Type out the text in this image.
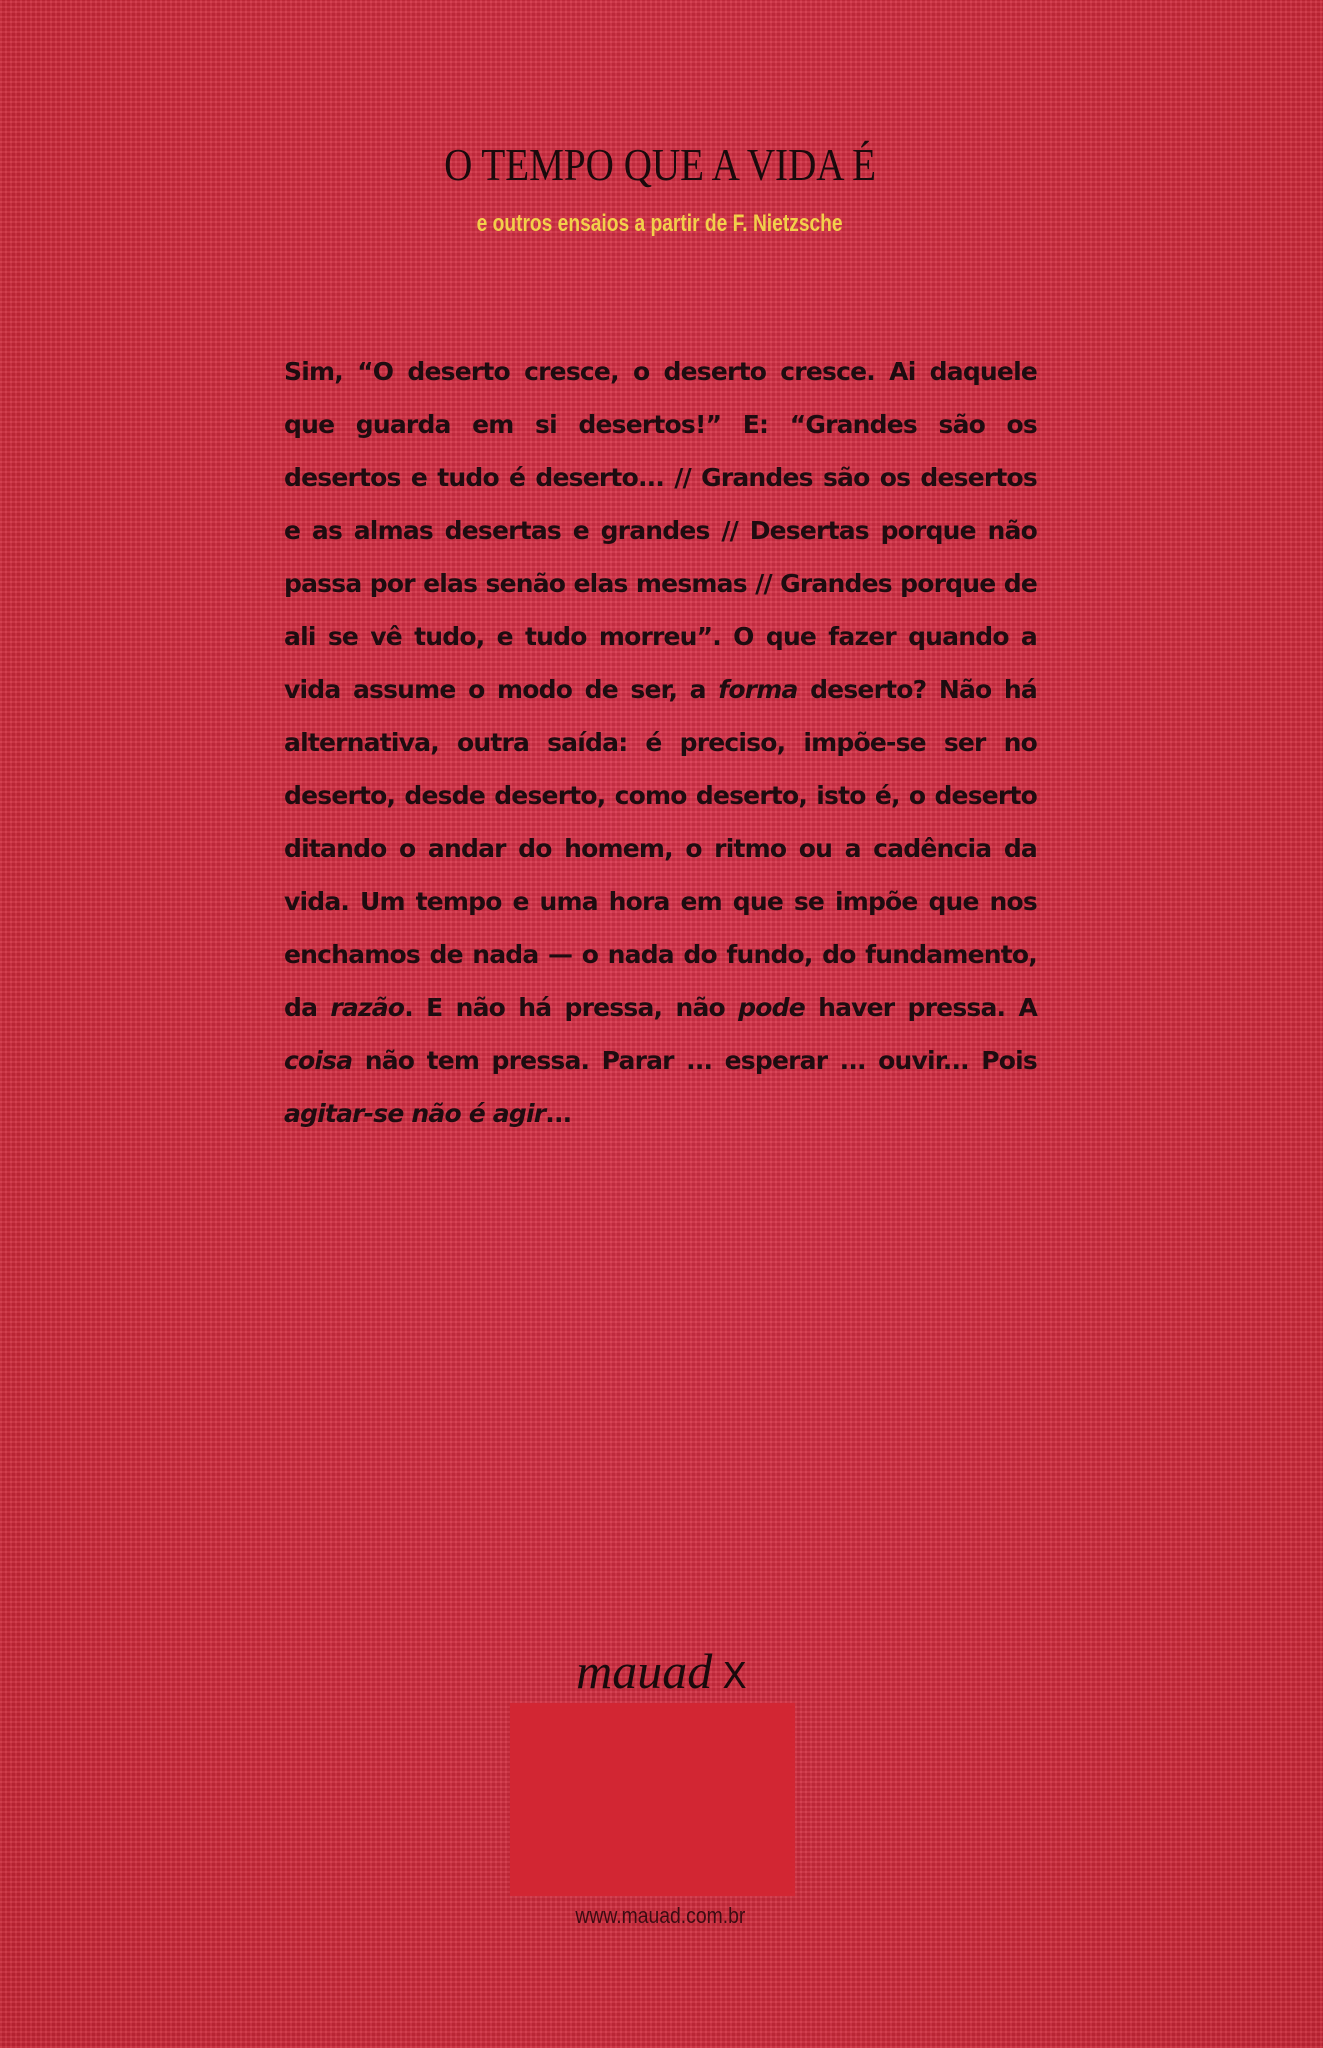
O TEMPO QUE A VIDA É
e outros ensaios a partir de F. Nietzsche

Sim, “O deserto cresce, o deserto cresce. Ai daquele que guarda em si desertos!” E: “Grandes são os desertos e tudo é deserto... // Grandes são os desertos e as almas desertas e grandes // Desertas porque não passa por elas senão elas mesmas // Grandes porque de ali se vê tudo, e tudo morreu”. O que fazer quando a vida assume o modo de ser, a forma deserto? Não há alternativa, outra saída: é preciso, impõe-se ser no deserto, desde deserto, como deserto, isto é, o deserto ditando o andar do homem, o ritmo ou a cadência da vida. Um tempo e uma hora em que se impõe que nos enchamos de nada — o nada do fundo, do fundamento, da razão. E não há pressa, não pode haver pressa. A coisa não tem pressa. Parar ... esperar ... ouvir... Pois agitar-se não é agir...

mauad X
www.mauad.com.br
